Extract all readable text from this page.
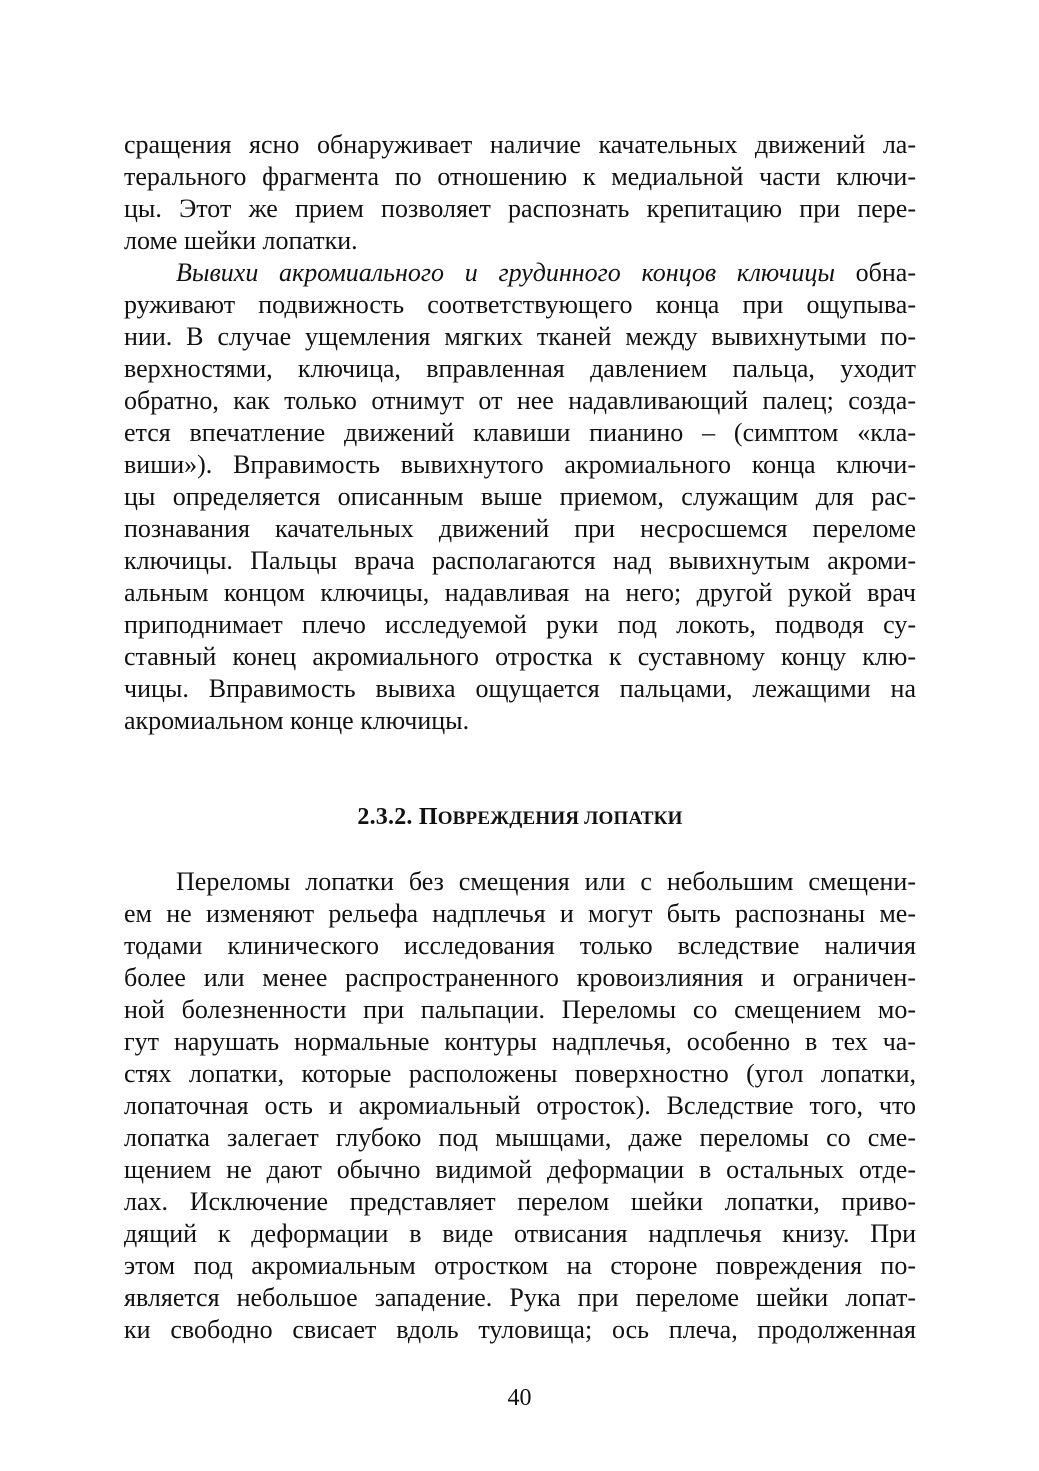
сращения ясно обнаруживает наличие качательных движений ла-
терального фрагмента по отношению к медиальной части ключи-
цы. Этот же прием позволяет распознать крепитацию при пере-
ломе шейки лопатки.
Вывихи акромиального и грудинного концов ключицы обна-
руживают подвижность соответствующего конца при ощупыва-
нии. В случае ущемления мягких тканей между вывихнутыми по-
верхностями, ключица, вправленная давлением пальца, уходит
обратно, как только отнимут от нее надавливающий палец; созда-
ется впечатление движений клавиши пианино – (симптом «кла-
виши»). Вправимость вывихнутого акромиального конца ключи-
цы определяется описанным выше приемом, служащим для рас-
познавания качательных движений при несросшемся переломе
ключицы. Пальцы врача располагаются над вывихнутым акроми-
альным концом ключицы, надавливая на него; другой рукой врач
приподнимает плечо исследуемой руки под локоть, подводя су-
ставный конец акромиального отростка к суставному концу клю-
чицы. Вправимость вывиха ощущается пальцами, лежащими на
акромиальном конце ключицы.
2.3.2. ПОВРЕЖДЕНИЯ ЛОПАТКИ
Переломы лопатки без смещения или с небольшим смещени-
ем не изменяют рельефа надплечья и могут быть распознаны ме-
тодами клинического исследования только вследствие наличия
более или менее распространенного кровоизлияния и ограничен-
ной болезненности при пальпации. Переломы со смещением мо-
гут нарушать нормальные контуры надплечья, особенно в тех ча-
стях лопатки, которые расположены поверхностно (угол лопатки,
лопаточная ость и акромиальный отросток). Вследствие того, что
лопатка залегает глубоко под мышцами, даже переломы со сме-
щением не дают обычно видимой деформации в остальных отде-
лах. Исключение представляет перелом шейки лопатки, приво-
дящий к деформации в виде отвисания надплечья книзу. При
этом под акромиальным отростком на стороне повреждения по-
является небольшое западение. Рука при переломе шейки лопат-
ки свободно свисает вдоль туловища; ось плеча, продолженная
40
